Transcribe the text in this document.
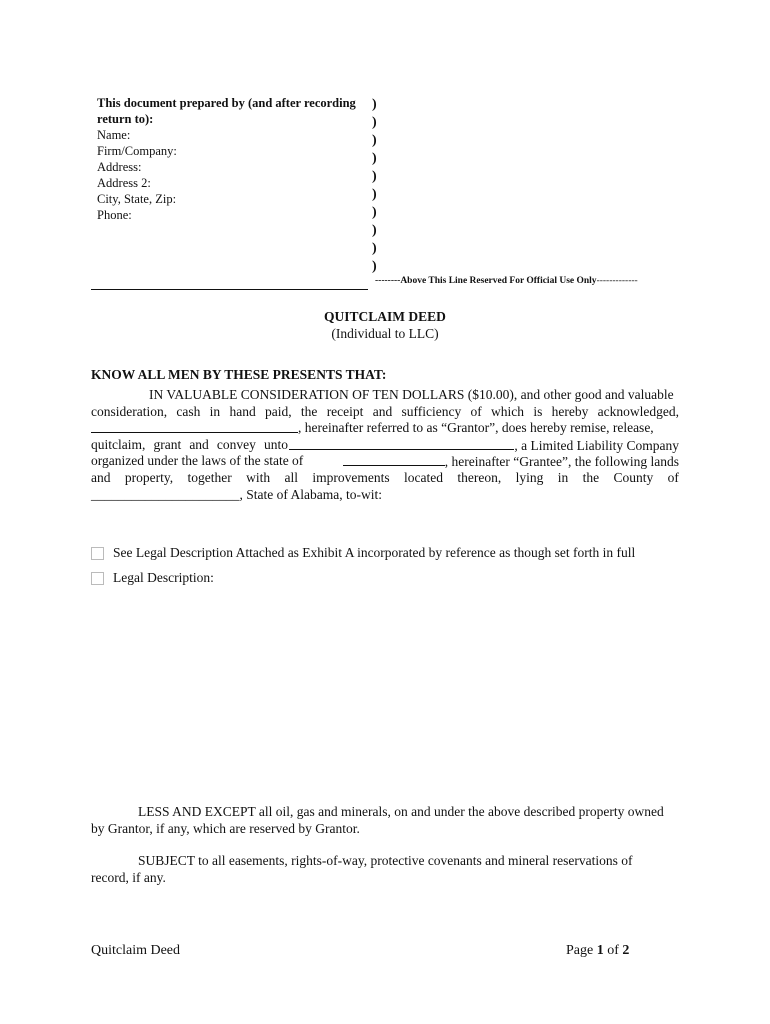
This document prepared by (and after recording
return to):
Name:
Firm/Company:
Address:
Address 2:
City, State, Zip:
Phone:
)
)
)
)
)
)
)
)
)
)
--------Above This Line Reserved For Official Use Only-------------
QUITCLAIM DEED
(Individual to LLC)
KNOW ALL MEN BY THESE PRESENTS THAT:
IN VALUABLE CONSIDERATION OF TEN DOLLARS ($10.00), and other good and valuable
consideration, cash in hand paid, the receipt and sufficiency of which is hereby acknowledged,
, hereinafter referred to as “Grantor”, does hereby remise, release,
quitclaim, grant and convey unto	, a Limited Liability Company
organized under the laws of the state of	, hereinafter “Grantee”, the following lands
and property, together with all improvements located thereon, lying in the County of
______________________, State of Alabama, to-wit:
See Legal Description Attached as Exhibit A incorporated by reference as though set forth in full
Legal Description:
LESS AND EXCEPT all oil, gas and minerals, on and under the above described property owned
by Grantor, if any, which are reserved by Grantor.
SUBJECT to all easements, rights-of-way, protective covenants and mineral reservations of
record, if any.
Quitclaim Deed	Page 1 of 2
